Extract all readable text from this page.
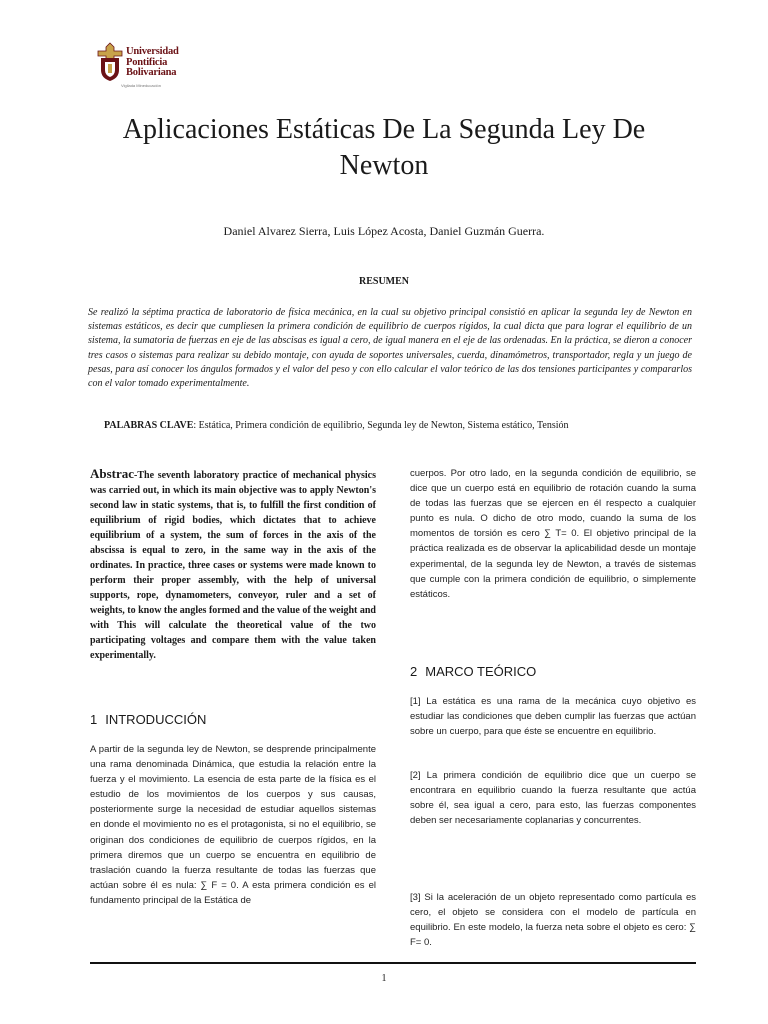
Universidad
Pontificia
Bolivariana
Vigilada Mineducación
Aplicaciones Estáticas De La Segunda Ley De Newton

Daniel Alvarez Sierra, Luis López Acosta, Daniel Guzmán Guerra.

RESUMEN

Se realizó la séptima practica de laboratorio de física mecánica, en la cual su objetivo principal consistió en aplicar la segunda ley de Newton en sistemas estáticos, es decir que cumpliesen la primera condición de equilibrio de cuerpos rígidos, la cual dicta que para lograr el equilibrio de un sistema, la sumatoria de fuerzas en eje de las abscisas es igual a cero, de igual manera en el eje de las ordenadas. En la práctica, se dieron a conocer tres casos o sistemas para realizar su debido montaje, con ayuda de soportes universales, cuerda, dinamómetros, transportador, regla y un juego de pesas, para así conocer los ángulos formados y el valor del peso y con ello calcular el valor teórico de las dos tensiones participantes y compararlos con el valor tomado experimentalmente.

PALABRAS CLAVE: Estática, Primera condición de equilibrio, Segunda ley de Newton, Sistema estático, Tensión

Abstrac-The seventh laboratory practice of mechanical physics was carried out, in which its main objective was to apply Newton's second law in static systems, that is, to fulfill the first condition of equilibrium of rigid bodies, which dictates that to achieve equilibrium of a system, the sum of forces in the axis of the abscissa is equal to zero, in the same way in the axis of the ordinates. In practice, three cases or systems were made known to perform their proper assembly, with the help of universal supports, rope, dynamometers, conveyor, ruler and a set of weights, to know the angles formed and the value of the weight and with This will calculate the theoretical value of the two participating voltages and compare them with the value taken experimentally.

1 INTRODUCCIÓN

A partir de la segunda ley de Newton, se desprende principalmente una rama denominada Dinámica, que estudia la relación entre la fuerza y el movimiento. La esencia de esta parte de la física es el estudio de los movimientos de los cuerpos y sus causas, posteriormente surge la necesidad de estudiar aquellos sistemas en donde el movimiento no es el protagonista, si no el equilibrio, se originan dos condiciones de equilibrio de cuerpos rígidos, en la primera diremos que un cuerpo se encuentra en equilibrio de traslación cuando la fuerza resultante de todas las fuerzas que actúan sobre él es nula: ∑ F = 0. A esta primera condición es el fundamento principal de la Estática de

cuerpos. Por otro lado, en la segunda condición de equilibrio, se dice que un cuerpo está en equilibrio de rotación cuando la suma de todas las fuerzas que se ejercen en él respecto a cualquier punto es nula. O dicho de otro modo, cuando la suma de los momentos de torsión es cero ∑ T= 0. El objetivo principal de la práctica realizada es de observar la aplicabilidad desde un montaje experimental, de la segunda ley de Newton, a través de sistemas que cumple con la primera condición de equilibrio, o simplemente estáticos.

2 MARCO TEÓRICO

[1] La estática es una rama de la mecánica cuyo objetivo es estudiar las condiciones que deben cumplir las fuerzas que actúan sobre un cuerpo, para que éste se encuentre en equilibrio.

[2] La primera condición de equilibrio dice que un cuerpo se encontrara en equilibrio cuando la fuerza resultante que actúa sobre él, sea igual a cero, para esto, las fuerzas componentes deben ser necesariamente coplanarias y concurrentes.

[3] Si la aceleración de un objeto representado como partícula es cero, el objeto se considera con el modelo de partícula en equilibrio. En este modelo, la fuerza neta sobre el objeto es cero: ∑ F= 0.

1
